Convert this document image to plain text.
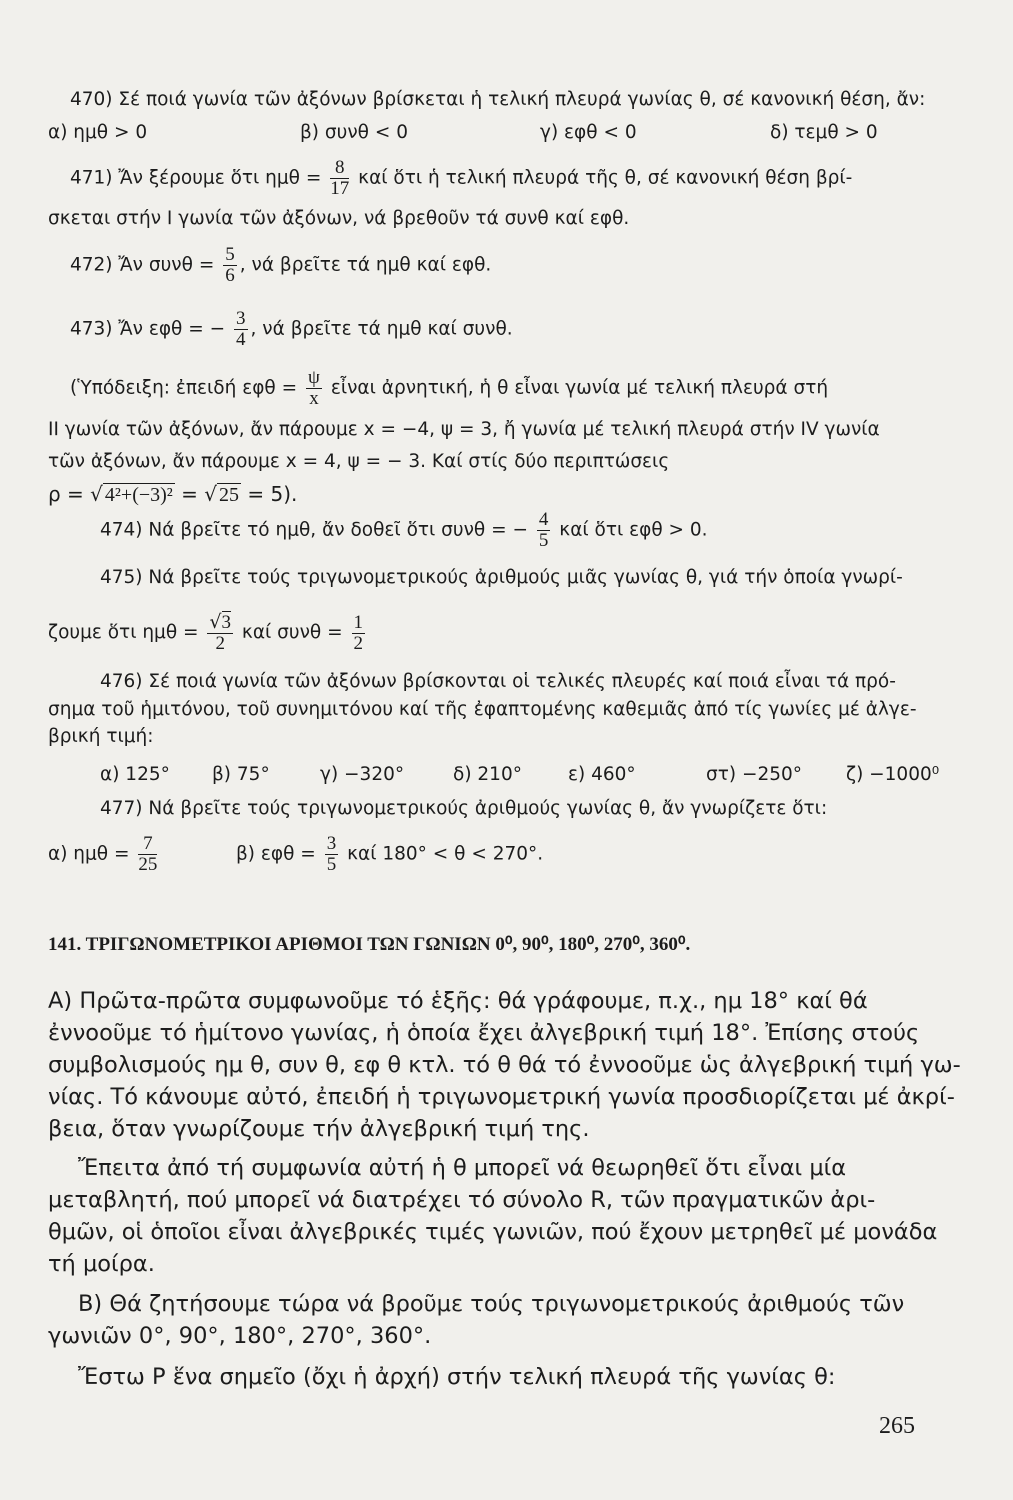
470) Σέ ποιά γωνία τῶν ἀξόνων βρίσκεται ἡ τελική πλευρά γωνίας θ, σέ κανονική θέση, ἄν:
α) ημθ > 0	β) συνθ < 0	γ) εφθ < 0	δ) τεμθ > 0
471) Ἄν ξέρουμε ὅτι $\eta\mu\theta = \frac{8}{17}$ καί ὅτι ἡ τελική πλευρά τῆς θ, σέ κανονική θέση βρί-
σκεται στήν Ι γωνία τῶν ἀξόνων, νά βρεθοῦν τά συνθ καί εφθ.
472) Ἄν $\sigma\upsilon\nu\theta = \frac{5}{6}$ , νά βρεῖτε τά ημθ καί εφθ.
473) Ἄν εφθ = − $\frac{3}{4}$ , νά βρεῖτε τά ημθ καί συνθ.
(Ὑπόδειξη: ἐπειδή $\varepsilon\varphi\theta = \frac{\psi}{x}$ εἶναι ἀρνητική, ἡ θ εἶναι γωνία μέ τελική πλευρά στή
ΙΙ γωνία τῶν ἀξόνων, ἄν πάρουμε x = −4, ψ = 3, ἤ γωνία μέ τελική πλευρά στήν IV γωνία
τῶν ἀξόνων, ἄν πάρουμε x = 4, ψ = − 3. Καί στίς δύο περιπτώσεις
ρ = √ 4²+(−3)² = √ 25 = 5).
474) Νά βρεῖτε τό ημθ, ἄν δοθεῖ ὅτι συνθ = − $\frac{4}{5}$ καί ὅτι εφθ > 0.
475) Νά βρεῖτε τούς τριγωνομετρικούς ἀριθμούς μιᾶς γωνίας θ, γιά τήν ὁποία γνωρί-
ζουμε ὅτι $\eta\mu\theta = \frac{√3}{2}$ καί $\sigma\upsilon\nu\theta = \frac{1}{2}$
476) Σέ ποιά γωνία τῶν ἀξόνων βρίσκονται οἱ τελικές πλευρές καί ποιά εἶναι τά πρό-
σημα τοῦ ἡμιτόνου, τοῦ συνημιτόνου καί τῆς ἐφαπτομένης καθεμιᾶς ἀπό τίς γωνίες μέ ἀλγε-
βρική τιμή:
α) 125° β) 75°	γ) −320°	δ) 210° ε) 460°	στ) −250° ζ) −1000⁰
477) Νά βρεῖτε τούς τριγωνομετρικούς ἀριθμούς γωνίας θ, ἄν γνωρίζετε ὅτι:
α) $\eta\mu\theta = \frac{7}{25}$	β) $\varepsilon\varphi\theta = \frac{3}{5}$ καί 180° < θ < 270°.
141. ΤΡΙΓΩΝΟΜΕΤΡΙΚΟΙ ΑΡΙΘΜΟΙ ΤΩΝ ΓΩΝΙΩΝ 0⁰, 90⁰, 180⁰, 270⁰, 360⁰.
Α) Πρῶτα-πρῶτα συμφωνοῦμε τό ἑξῆς: θά γράφουμε, π.χ., ημ 18° καί θά
ἐννοοῦμε τό ἡμίτονο γωνίας, ἡ ὁποία ἔχει ἀλγεβρική τιμή 18°. Ἐπίσης στούς
συμβολισμούς ημ θ, συν θ, εφ θ κτλ. τό θ θά τό ἐννοοῦμε ὡς ἀλγεβρική τιμή γω-
νίας. Τό κάνουμε αὐτό, ἐπειδή ἡ τριγωνομετρική γωνία προσδιορίζεται μέ ἀκρί-
βεια, ὅταν γνωρίζουμε τήν ἀλγεβρική τιμή της.
Ἔπειτα ἀπό τή συμφωνία αὐτή ἡ θ μπορεῖ νά θεωρηθεῖ ὅτι εἶναι μία
μεταβλητή, πού μπορεῖ νά διατρέχει τό σύνολο R, τῶν πραγματικῶν ἀρι-
θμῶν, οἱ ὁποῖοι εἶναι ἀλγεβρικές τιμές γωνιῶν, πού ἔχουν μετρηθεῖ μέ μονάδα
τή μοίρα.
Β) Θά ζητήσουμε τώρα νά βροῦμε τούς τριγωνομετρικούς ἀριθμούς τῶν
γωνιῶν 0°, 90°, 180°, 270°, 360°.
Ἔστω Ρ ἕνα σημεῖο (ὄχι ἡ ἀρχή) στήν τελική πλευρά τῆς γωνίας θ:
265
